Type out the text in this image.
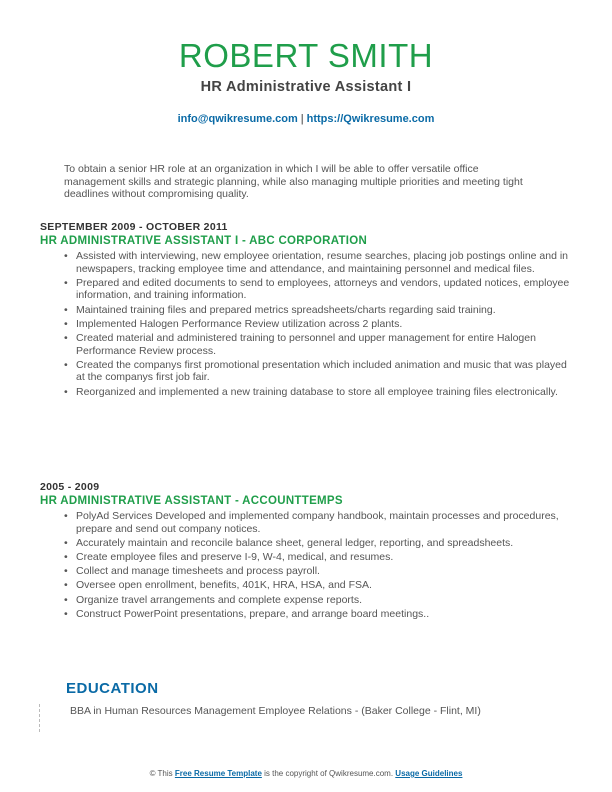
ROBERT SMITH
HR Administrative Assistant I
info@qwikresume.com | https://Qwikresume.com
To obtain a senior HR role at an organization in which I will be able to offer versatile office management skills and strategic planning, while also managing multiple priorities and meeting tight deadlines without compromising quality.
SEPTEMBER 2009 - OCTOBER 2011
HR ADMINISTRATIVE ASSISTANT I - ABC CORPORATION
• Assisted with interviewing, new employee orientation, resume searches, placing job postings online and in newspapers, tracking employee time and attendance, and maintaining personnel and medical files.
• Prepared and edited documents to send to employees, attorneys and vendors, updated notices, employee information, and training information.
• Maintained training files and prepared metrics spreadsheets/charts regarding said training.
• Implemented Halogen Performance Review utilization across 2 plants.
• Created material and administered training to personnel and upper management for entire Halogen Performance Review process.
• Created the companys first promotional presentation which included animation and music that was played at the companys first job fair.
• Reorganized and implemented a new training database to store all employee training files electronically.
2005 - 2009
HR ADMINISTRATIVE ASSISTANT - ACCOUNTTEMPS
• PolyAd Services Developed and implemented company handbook, maintain processes and procedures, prepare and send out company notices.
• Accurately maintain and reconcile balance sheet, general ledger, reporting, and spreadsheets.
• Create employee files and preserve I-9, W-4, medical, and resumes.
• Collect and manage timesheets and process payroll.
• Oversee open enrollment, benefits, 401K, HRA, HSA, and FSA.
• Organize travel arrangements and complete expense reports.
• Construct PowerPoint presentations, prepare, and arrange board meetings..
EDUCATION
BBA in Human Resources Management Employee Relations - (Baker College - Flint, MI)
© This Free Resume Template is the copyright of Qwikresume.com. Usage Guidelines
